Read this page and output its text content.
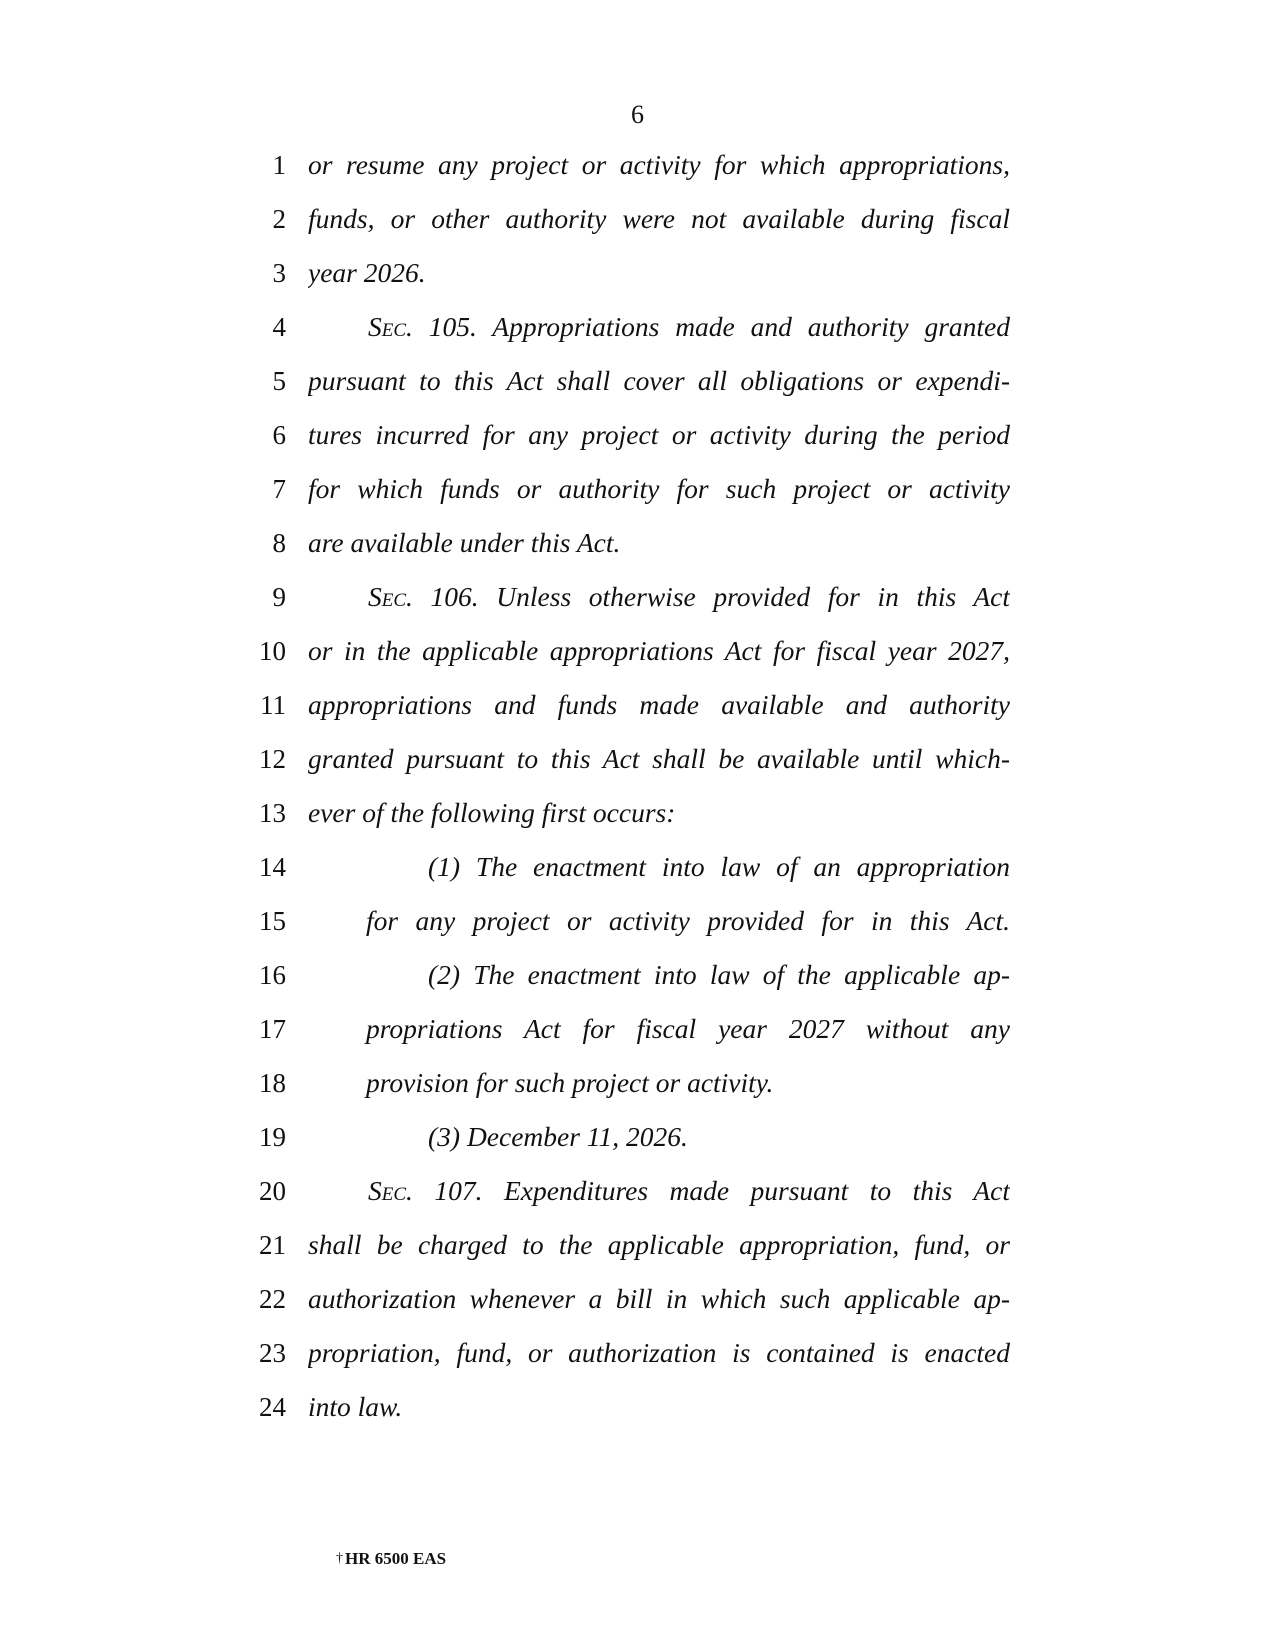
6
1 or resume any project or activity for which appropriations,
2 funds, or other authority were not available during fiscal
3 year 2026.
4	Sec. 105. Appropriations made and authority granted
5 pursuant to this Act shall cover all obligations or expendi-
6 tures incurred for any project or activity during the period
7 for which funds or authority for such project or activity
8 are available under this Act.
9	Sec. 106. Unless otherwise provided for in this Act
10 or in the applicable appropriations Act for fiscal year 2027,
11 appropriations and funds made available and authority
12 granted pursuant to this Act shall be available until which-
13 ever of the following first occurs:
14	(1) The enactment into law of an appropriation
15	for any project or activity provided for in this Act.
16	(2) The enactment into law of the applicable ap-
17	propriations Act for fiscal year 2027 without any
18	provision for such project or activity.
19	(3) December 11, 2026.
20	Sec. 107. Expenditures made pursuant to this Act
21 shall be charged to the applicable appropriation, fund, or
22 authorization whenever a bill in which such applicable ap-
23 propriation, fund, or authorization is contained is enacted
24 into law.
† HR 6500 EAS
